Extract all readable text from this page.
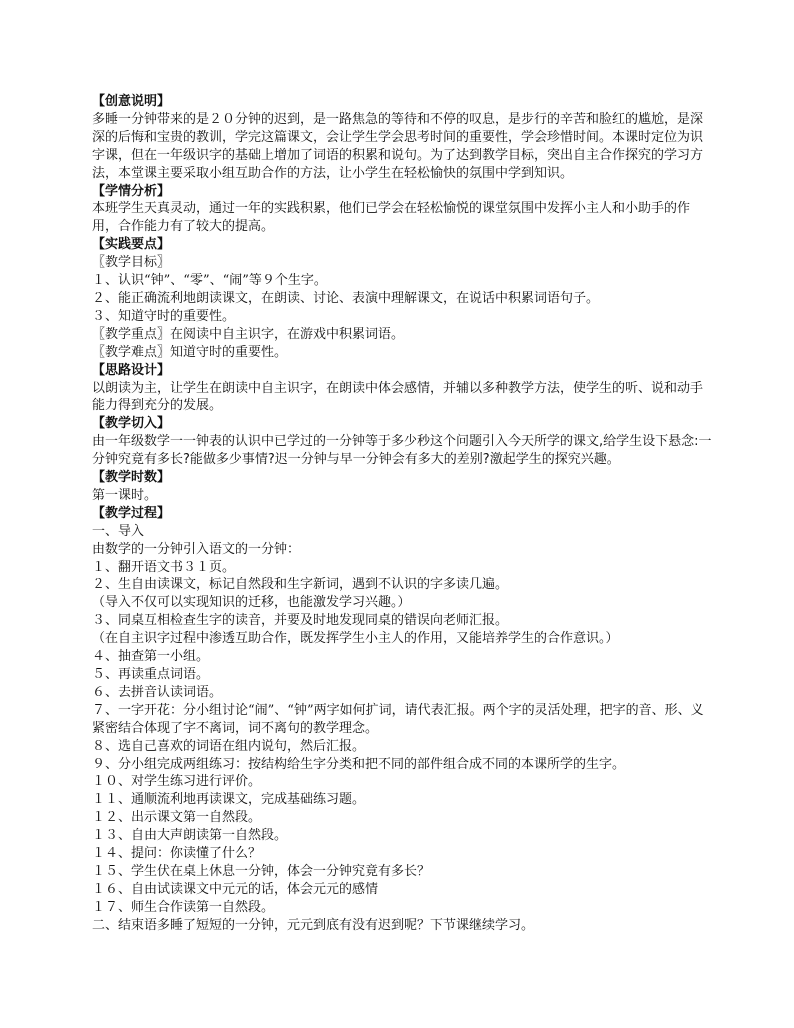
【创意说明】

多睡一分钟带来的是２０分钟的迟到，是一路焦急的等待和不停的叹息，是步行的辛苦和脸红的尴尬，是深深的后悔和宝贵的教训，学完这篇课文，会让学生学会思考时间的重要性，学会珍惜时间。本课时定位为识字课，但在一年级识字的基础上增加了词语的积累和说句。为了达到教学目标，突出自主合作探究的学习方法，本堂课主要采取小组互助合作的方法，让小学生在轻松愉快的氛围中学到知识。

【学情分析】

本班学生天真灵动，通过一年的实践积累，他们已学会在轻松愉悦的课堂氛围中发挥小主人和小助手的作用，合作能力有了较大的提高。

【实践要点】

〖教学目标〗

１、认识“钟”、“零”、“闹”等９个生字。

２、能正确流利地朗读课文，在朗读、讨论、表演中理解课文，在说话中积累词语句子。

３、知道守时的重要性。

〖教学重点〗在阅读中自主识字，在游戏中积累词语。

〖教学难点〗知道守时的重要性。

【思路设计】

以朗读为主，让学生在朗读中自主识字，在朗读中体会感情，并辅以多种教学方法，使学生的听、说和动手能力得到充分的发展。

【教学切入】

由一年级数学一一钟表的认识中已学过的一分钟等于多少秒这个问题引入今天所学的课文,给学生设下悬念:一分钟究竟有多长?能做多少事情?迟一分钟与早一分钟会有多大的差别?激起学生的探究兴趣。

【教学时数】

第一课时。

【教学过程】

一、导入

由数学的一分钟引入语文的一分钟：

１、翻开语文书３１页。

２、生自由读课文，标记自然段和生字新词，遇到不认识的字多读几遍。

（导入不仅可以实现知识的迁移，也能激发学习兴趣。）

３、同桌互相检查生字的读音，并要及时地发现同桌的错误向老师汇报。

（在自主识字过程中渗透互助合作，既发挥学生小主人的作用，又能培养学生的合作意识。）

４、抽查第一小组。

５、再读重点词语。

６、去拼音认读词语。

７、一字开花：分小组讨论“闹”、“钟”两字如何扩词，请代表汇报。两个字的灵活处理，把字的音、形、义紧密结合体现了字不离词，词不离句的教学理念。

８、选自己喜欢的词语在组内说句，然后汇报。

９、分小组完成两组练习：按结构给生字分类和把不同的部件组合成不同的本课所学的生字。

１０、对学生练习进行评价。

１１、通顺流利地再读课文，完成基础练习题。

１２、出示课文第一自然段。

１３、自由大声朗读第一自然段。

１４、提问：你读懂了什么？

１５、学生伏在桌上休息一分钟，体会一分钟究竟有多长？

１６、自由试读课文中元元的话，体会元元的感情

１７、师生合作读第一自然段。

二、结束语多睡了短短的一分钟，元元到底有没有迟到呢？下节课继续学习。
